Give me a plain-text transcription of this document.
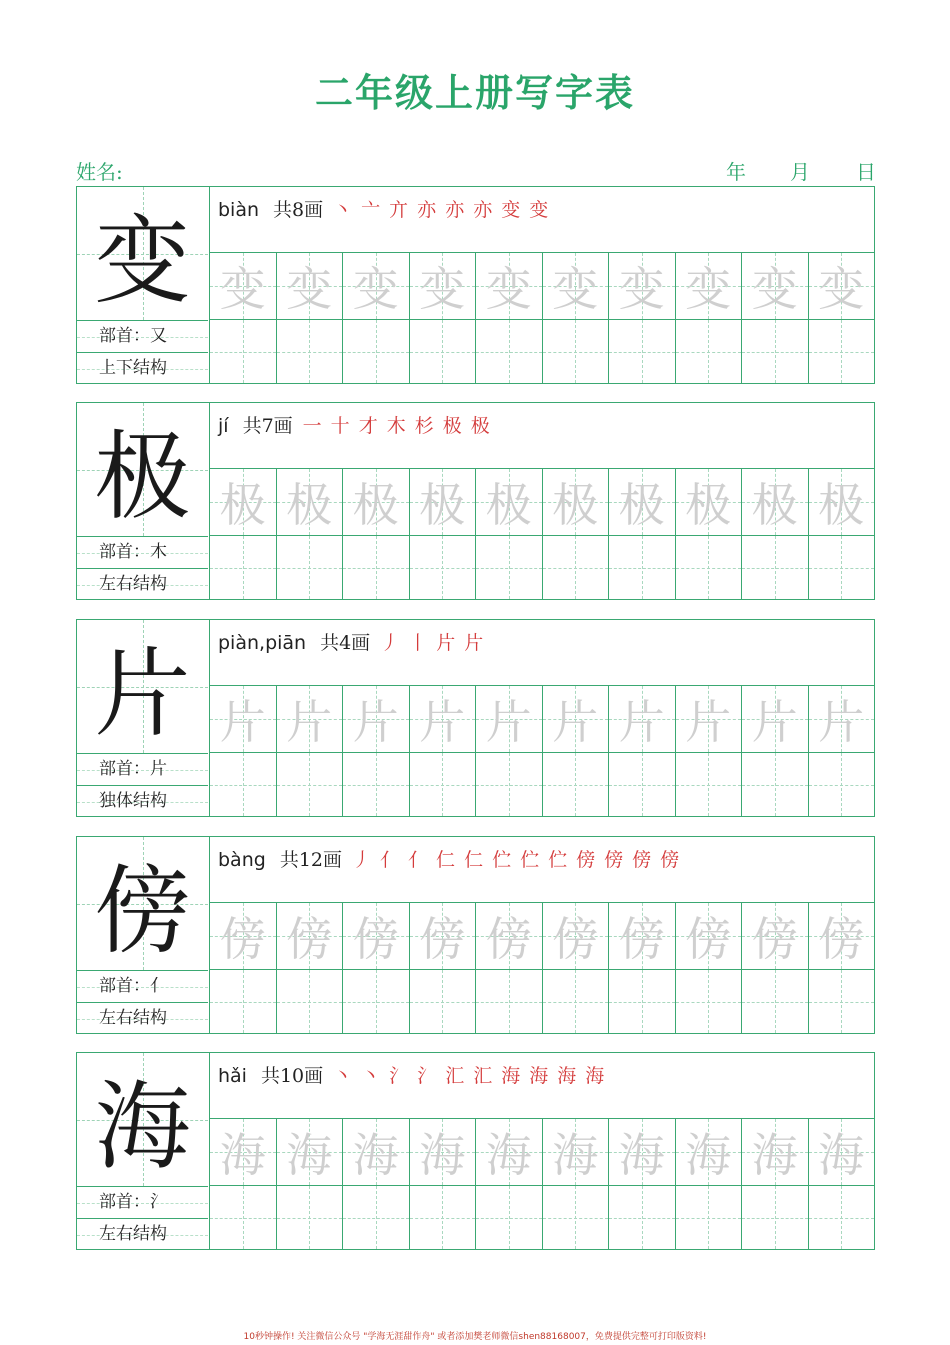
二年级上册写字表
姓名:	年 月 日
变
部首：又
上下结构
biàn 共8画 丶 亠 亣 亦 亦 亦 变 变
变 变 变 变 变 变 变 变 变 变
极
部首：木
左右结构
jí 共7画 一 十 才 木 杉 极 极
极 极 极 极 极 极 极 极 极 极
片
部首：片
独体结构
piàn,piān 共4画 丿 丨 片 片
片 片 片 片 片 片 片 片 片 片
傍
部首：亻
左右结构
bàng 共12画 丿 亻 亻 仁 仁 伫 伫 伫 傍 傍 傍 傍
傍 傍 傍 傍 傍 傍 傍 傍 傍 傍
海
部首：氵
左右结构
hǎi 共10画 丶 丶 氵 氵 汇 汇 海 海 海 海
海 海 海 海 海 海 海 海 海 海
10秒钟操作! 关注微信公众号 "学海无涯甜作舟" 或者添加樊老师微信shen88168007，免费提供完整可打印版资料!
